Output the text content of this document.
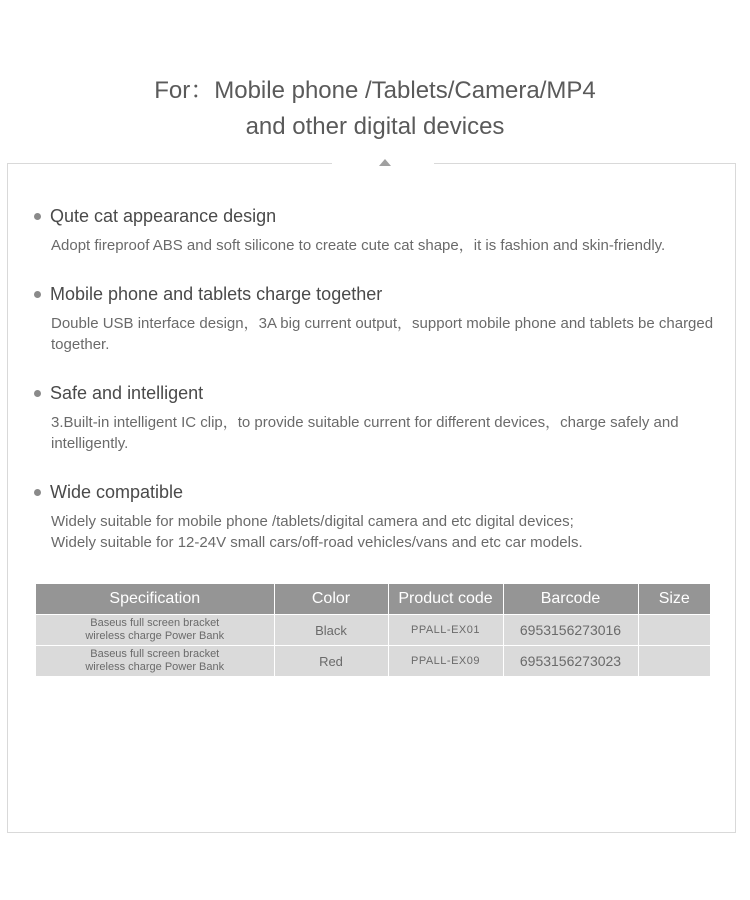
For：Mobile phone /Tablets/Camera/MP4
and other digital devices
Qute cat appearance design
Adopt fireproof ABS and soft silicone to create cute cat shape，it is fashion and skin-friendly.
Mobile phone and tablets charge together
Double USB interface design，3A big current output，support mobile phone and tablets be charged together.
Safe and intelligent
3.Built-in intelligent IC clip，to provide suitable current for different devices，charge safely and intelligently.
Wide compatible
Widely suitable for mobile phone /tablets/digital camera and etc digital devices;
Widely suitable for 12-24V small cars/off-road vehicles/vans and etc car models.
Specification	Color	Product code	Barcode	Size

Baseus full screen bracket
wireless charge Power Bank	Black	PPALL-EX01	6953156273016	

Baseus full screen bracket
wireless charge Power Bank	Red	PPALL-EX09	6953156273023	
